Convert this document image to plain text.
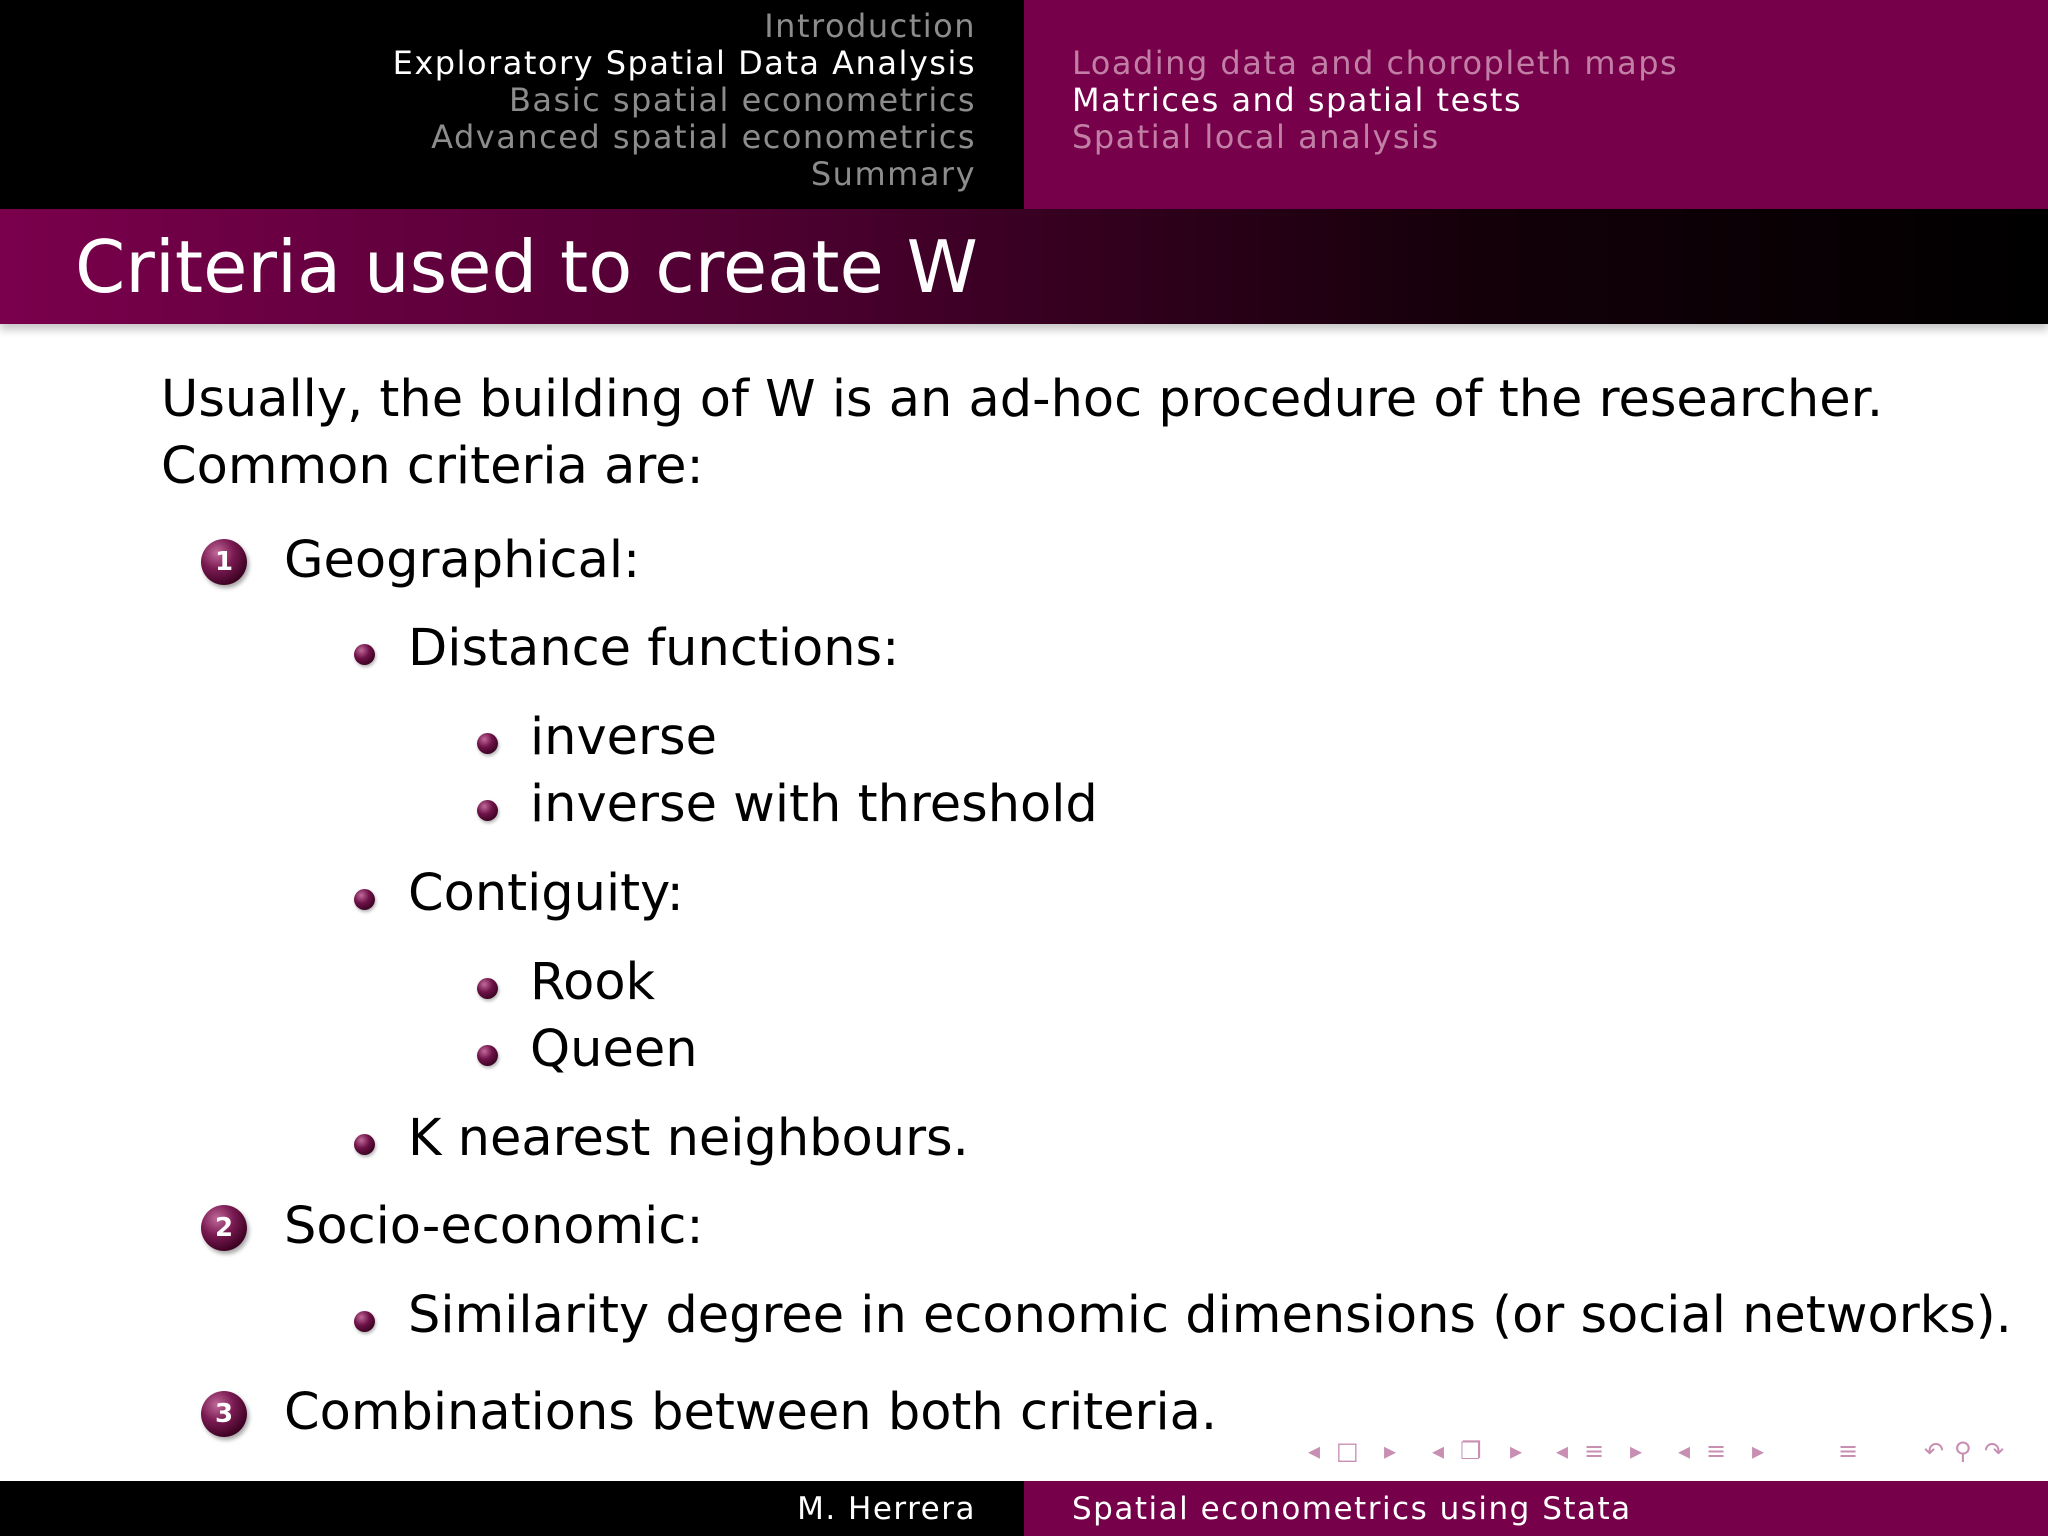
Introduction
Exploratory Spatial Data Analysis
Basic spatial econometrics
Advanced spatial econometrics
Summary
Loading data and choropleth maps
Matrices and spatial tests
Spatial local analysis
Criteria used to create W
Usually, the building of W is an ad-hoc procedure of the researcher.
Common criteria are:
1 Geographical:
Distance functions:
inverse
inverse with threshold
Contiguity:
Rook
Queen
K nearest neighbours.
2 Socio-economic:
Similarity degree in economic dimensions (or social networks).
3 Combinations between both criteria.
◂ □ ▸ ◂ ❐ ▸ ◂ ≡ ▸ ◂ ≡ ▸	≡	↶ ⚲ ↷
M. Herrera	Spatial econometrics using Stata
